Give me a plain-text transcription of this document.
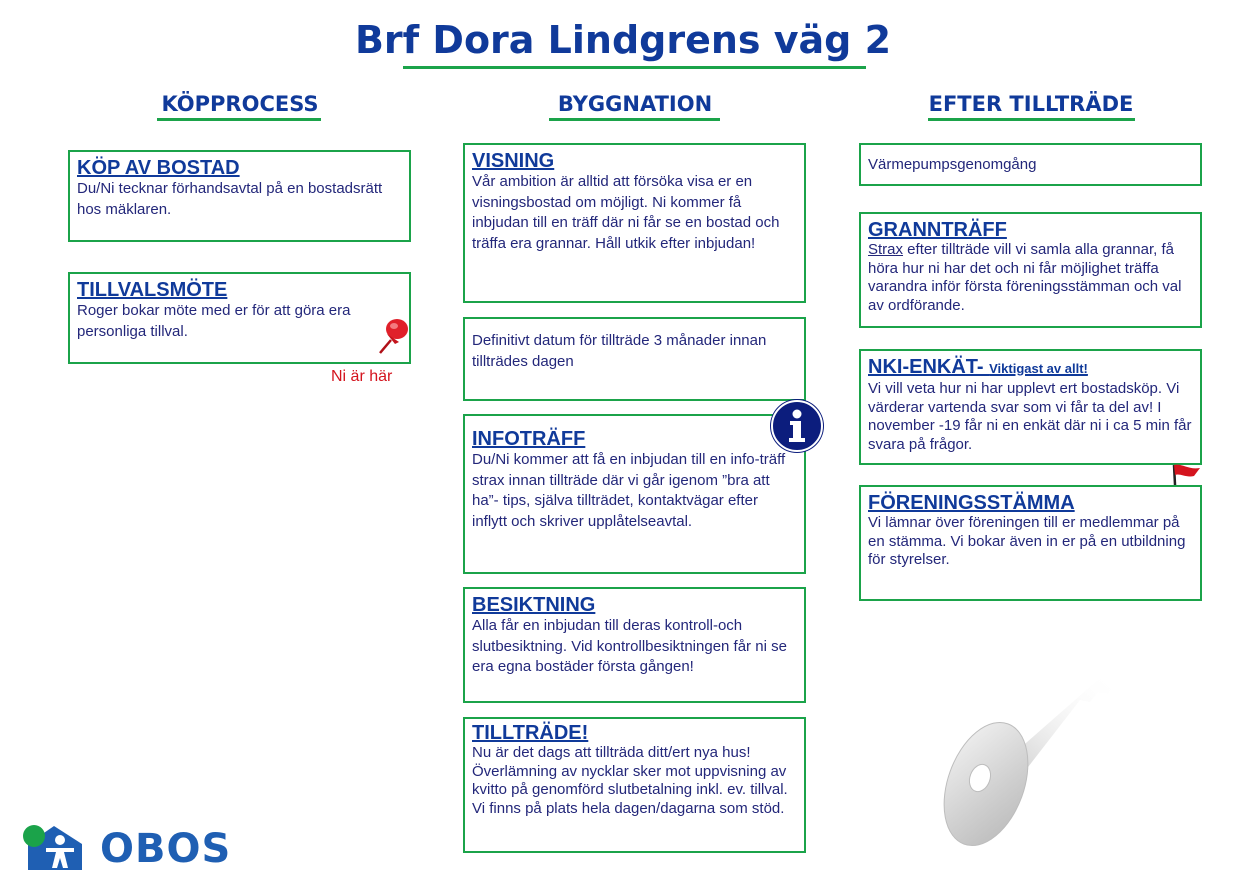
Brf Dora Lindgrens väg 2
KÖPPROCESS	BYGGNATION	EFTER TILLTRÄDE
KÖP AV BOSTAD
Du/Ni tecknar förhandsavtal på en bostadsrätt hos mäklaren.
TILLVALSMÖTE
Roger bokar möte med er för att göra era personliga tillval.
Ni är här
VISNING
Vår ambition är alltid att försöka visa er en visningsbostad om möjligt. Ni kommer få inbjudan till en träff där ni får se en bostad och träffa era grannar. Håll utkik efter inbjudan!
Definitivt datum för tillträde 3 månader innan tillträdes dagen
INFOTRÄFF
Du/Ni kommer att få en inbjudan till en info-träff strax innan tillträde där vi går igenom ”bra att ha”- tips, själva tillträdet, kontaktvägar efter inflytt och skriver upplåtelseavtal.
BESIKTNING
Alla får en inbjudan till deras kontroll-och slutbesiktning. Vid kontrollbesiktningen får ni se era egna bostäder första gången!
TILLTRÄDE!
Nu är det dags att tillträda ditt/ert nya hus! Överlämning av nycklar sker mot uppvisning av kvitto på genomförd slutbetalning inkl. ev. tillval. Vi finns på plats hela dagen/dagarna som stöd.
Värmepumpsgenomgång
GRANNTRÄFF
Strax efter tillträde vill vi samla alla grannar, få höra hur ni har det och ni får möjlighet träffa varandra inför första föreningsstämman och val av ordförande.
NKI-ENKÄT- Viktigast av allt!
Vi vill veta hur ni har upplevt ert bostadsköp. Vi värderar vartenda svar som vi får ta del av! I november -19 får ni en enkät där ni i ca 5 min får svara på frågor.
FÖRENINGSSTÄMMA
Vi lämnar över föreningen till er medlemmar på en stämma. Vi bokar även in er på en utbildning för styrelser.
OBOS
